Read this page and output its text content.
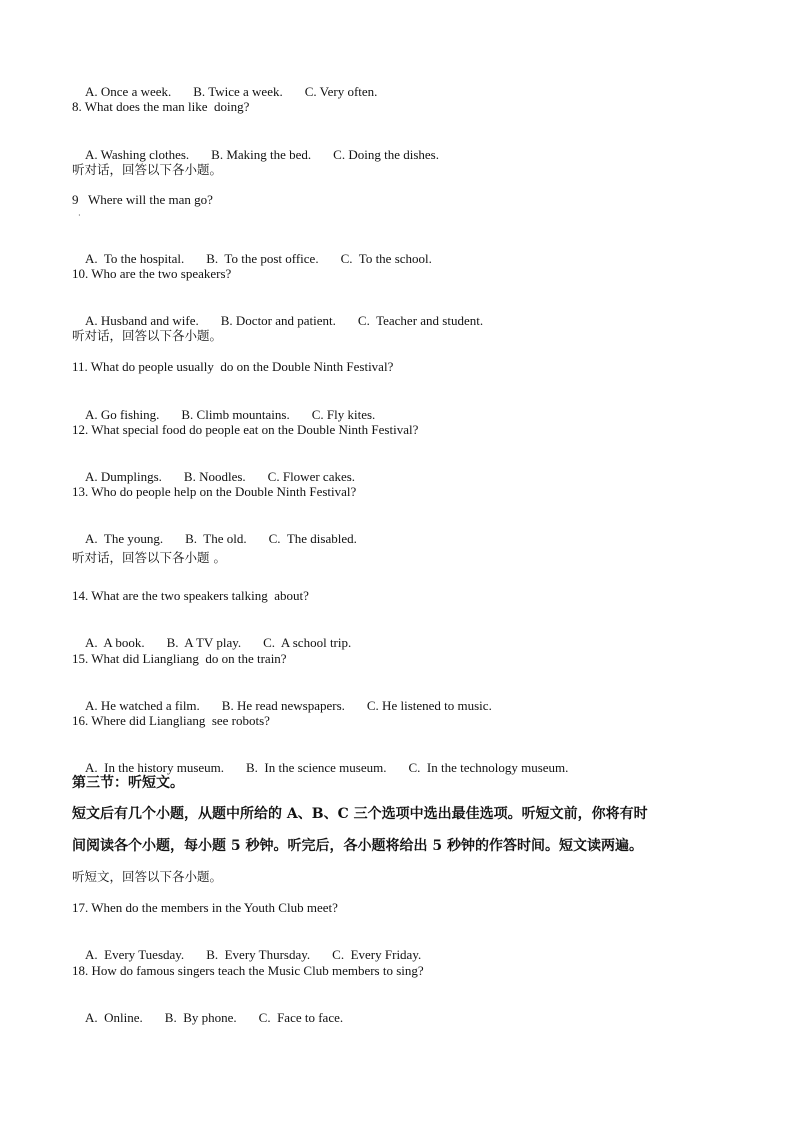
A. Once a week. B. Twice a week. C. Very often.

8. What does the man like  doing?

A. Washing clothes. B. Making the bed. C. Doing the dishes.

听对话，回答以下各小题。
9   Where will the man go?
·

A.  To the hospital. B.  To the post office. C.  To the school.

10. Who are the two speakers?

A. Husband and wife. B. Doctor and patient. C.  Teacher and student.

听对话，回答以下各小题。
11. What do people usually  do on the Double Ninth Festival?

A. Go fishing. B. Climb mountains. C. Fly kites.

12. What special food do people eat on the Double Ninth Festival?

A. Dumplings. B. Noodles. C. Flower cakes.

13. Who do people help on the Double Ninth Festival?

A.  The young. B.  The old. C.  The disabled.

听对话，回答以下各小题 。
14. What are the two speakers talking  about?

A.  A book. B.  A TV play. C.  A school trip.

15. What did Liangliang  do on the train?

A. He watched a film. B. He read newspapers. C. He listened to music.

16. Where did Liangliang  see robots?

A.  In the history museum. B.  In the science museum. C.  In the technology museum.

第三节：听短文。
短文后有几个小题，从题中所给的 A、B、C 三个选项中选出最佳选项。听短文前，你将有时
间阅读各个小题，每小题 5 秒钟。听完后，各小题将给出 5 秒钟的作答时间。短文读两遍。
听短文，回答以下各小题。
17. When do the members in the Youth Club meet?

A.  Every Tuesday. B.  Every Thursday. C.  Every Friday.

18. How do famous singers teach the Music Club members to sing?

A.  Online. B.  By phone. C.  Face to face.
